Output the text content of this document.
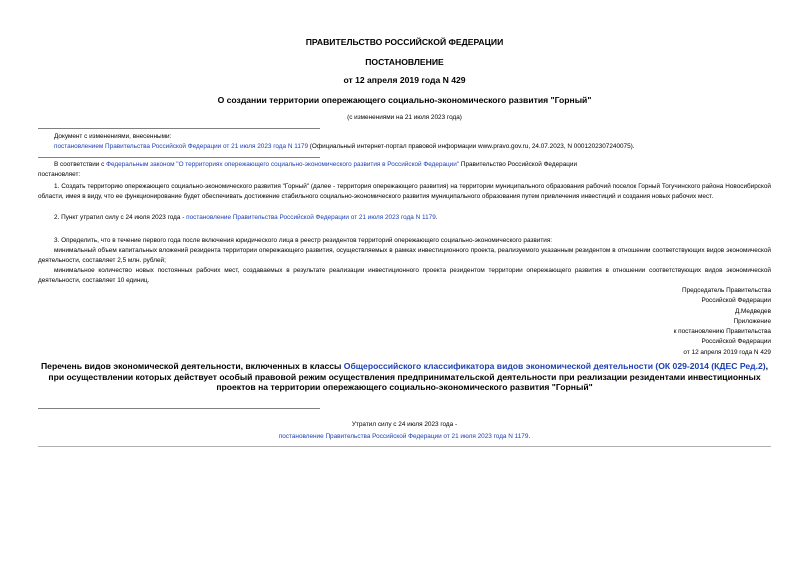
ПРАВИТЕЛЬСТВО РОССИЙСКОЙ ФЕДЕРАЦИИ
ПОСТАНОВЛЕНИЕ
от 12 апреля 2019 года N 429
О создании территории опережающего социально-экономического развития "Горный"
(с изменениями на 21 июля 2023 года)
Документ с изменениями, внесенными:
постановлением Правительства Российской Федерации от 21 июля 2023 года N 1179 (Официальный интернет-портал правовой информации www.pravo.gov.ru, 24.07.2023, N 0001202307240075).
В соответствии с Федеральным законом "О территориях опережающего социально-экономического развития в Российской Федерации" Правительство Российской Федерации
постановляет:
1. Создать территорию опережающего социально-экономического развития "Горный" (далее - территория опережающего развития) на территории муниципального образования рабочий поселок Горный Тогучинского района Новосибирской области, имея в виду, что ее функционирование будет обеспечивать достижение стабильного социально-экономического развития муниципального образования путем привлечения инвестиций и создания новых рабочих мест.
2. Пункт утратил силу с 24 июля 2023 года - постановление Правительства Российской Федерации от 21 июля 2023 года N 1179.
3. Определить, что в течение первого года после включения юридического лица в реестр резидентов территорий опережающего социально-экономического развития:
минимальный объем капитальных вложений резидента территории опережающего развития, осуществляемых в рамках инвестиционного проекта, реализуемого указанным резидентом в отношении соответствующих видов экономической деятельности, составляет 2,5 млн. рублей;
минимальное количество новых постоянных рабочих мест, создаваемых в результате реализации инвестиционного проекта резидентом территории опережающего развития в отношении соответствующих видов экономической деятельности, составляет 10 единиц.
Председатель Правительства
Российской Федерации
Д.Медведев
Приложение
к постановлению Правительства
Российской Федерации
от 12 апреля 2019 года N 429
Перечень видов экономической деятельности, включенных в классы Общероссийского классификатора видов экономической деятельности (ОК 029-2014 (КДЕС Ред.2), при осуществлении которых действует особый правовой режим осуществления предпринимательской деятельности при реализации резидентами инвестиционных проектов на территории опережающего социально-экономического развития "Горный"
Утратил силу с 24 июля 2023 года -
постановление Правительства Российской Федерации от 21 июля 2023 года N 1179.
